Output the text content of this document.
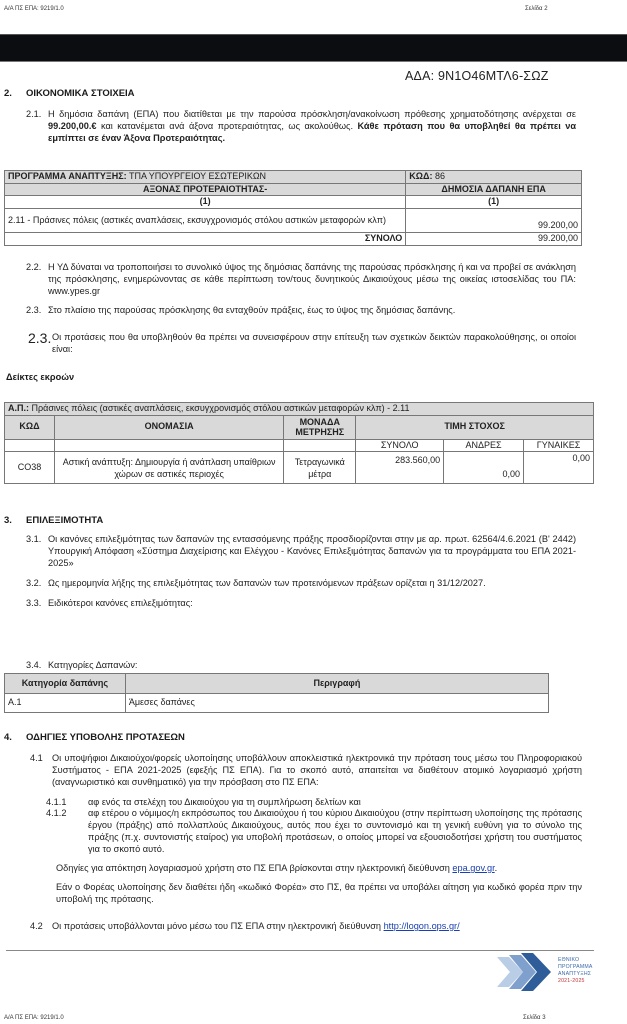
Α/Α ΠΣ ΕΠΑ: 9219/1.0	Σελίδα 2
ΑΔΑ: 9Ν1Ο46ΜΤΛ6-ΣΩΖ
2. ΟΙΚΟΝΟΜΙΚΑ ΣΤΟΙΧΕΙΑ
2.1. Η δημόσια δαπάνη (ΕΠΑ) που διατίθεται με την παρούσα πρόσκληση/ανακοίνωση πρόθεσης χρηματοδότησης ανέρχεται σε 99.200,00.€ και κατανέμεται ανά άξονα προτεραιότητας, ως ακολούθως. Κάθε πρόταση που θα υποβληθεί θα πρέπει να εμπίπτει σε έναν Άξονα Προτεραιότητας.
ΠΡΟΓΡΑΜΜΑ ΑΝΑΠΤΥΞΗΣ: ΤΠΑ ΥΠΟΥΡΓΕΙΟΥ ΕΣΩΤΕΡΙΚΩΝ	ΚΩΔ: 86
ΑΞΟΝΑΣ ΠΡΟΤΕΡΑΙΟΤΗΤΑΣ-	ΔΗΜΟΣΙΑ ΔΑΠΑΝΗ ΕΠΑ
(1)	(1)
2.11 - Πράσινες πόλεις (αστικές αναπλάσεις, εκσυγχρονισμός στόλου αστικών μεταφορών κλπ)	99.200,00
ΣΥΝΟΛΟ	99.200,00
2.2. Η ΥΔ δύναται να τροποποιήσει το συνολικό ύψος της δημόσιας δαπάνης της παρούσας πρόσκλησης ή και να προβεί σε ανάκληση της πρόσκλησης, ενημερώνοντας σε κάθε περίπτωση τον/τους δυνητικούς Δικαιούχους μέσω της οικείας ιστοσελίδας του ΠΑ: www.ypes.gr
2.3. Στο πλαίσιο της παρούσας πρόσκλησης θα ενταχθούν πράξεις, έως το ύψος της δημόσιας δαπάνης.
2.3. Οι προτάσεις που θα υποβληθούν θα πρέπει να συνεισφέρουν στην επίτευξη των σχετικών δεικτών παρακολούθησης, οι οποίοι είναι:
Δείκτες εκροών
Α.Π.: Πράσινες πόλεις (αστικές αναπλάσεις, εκσυγχρονισμός στόλου αστικών μεταφορών κλπ) - 2.11					
ΚΩΔ	ΟΝΟΜΑΣΙΑ	ΜΟΝΑΔΑ ΜΕΤΡΗΣΗΣ	ΤΙΜΗ ΣΤΟΧΟΣ		
			ΣΥΝΟΛΟ	ΑΝΔΡΕΣ	ΓΥΝΑΙΚΕΣ
CO38	Αστική ανάπτυξη: Δημιουργία ή ανάπλαση υπαίθριων χώρων σε αστικές περιοχές	Τετραγωνικά μέτρα	283.560,00	0,00	0,00
3. ΕΠΙΛΕΞΙΜΟΤΗΤΑ
3.1. Οι κανόνες επιλεξιμότητας των δαπανών της εντασσόμενης πράξης προσδιορίζονται στην με αρ. πρωτ. 62564/4.6.2021 (Β' 2442) Υπουργική Απόφαση «Σύστημα Διαχείρισης και Ελέγχου - Κανόνες Επιλεξιμότητας δαπανών για τα προγράμματα του ΕΠΑ 2021-2025»
3.2. Ως ημερομηνία λήξης της επιλεξιμότητας των δαπανών των προτεινόμενων πράξεων ορίζεται η 31/12/2027.
3.3. Ειδικότεροι κανόνες επιλεξιμότητας:
3.4. Κατηγορίες Δαπανών:
Κατηγορία δαπάνης	Περιγραφή
Α.1	Άμεσες δαπάνες
4. ΟΔΗΓΙΕΣ ΥΠΟΒΟΛΗΣ ΠΡΟΤΑΣΕΩΝ
4.1 Οι υποψήφιοι Δικαιούχοι/φορείς υλοποίησης υποβάλλουν αποκλειστικά ηλεκτρονικά την πρόταση τους μέσω του Πληροφοριακού Συστήματος - ΕΠΑ 2021-2025 (εφεξής ΠΣ ΕΠΑ). Για το σκοπό αυτό, απαιτείται να διαθέτουν ατομικό λογαριασμό χρήστη (αναγνωριστικό και συνθηματικό) για την πρόσβαση στο ΠΣ ΕΠΑ:
4.1.1 αφ ενός τα στελέχη του Δικαιούχου για τη συμπλήρωση δελτίων και
4.1.2 αφ ετέρου ο νόμιμος/η εκπρόσωπος του Δικαιούχου ή του κύριου Δικαιούχου (στην περίπτωση υλοποίησης της πρότασης έργου (πράξης) από πολλαπλούς Δικαιούχους, αυτός που έχει το συντονισμό και τη γενική ευθύνη για το σύνολο της πράξης (π.χ. συντονιστής εταίρος) για υποβολή προτάσεων, ο οποίος μπορεί να εξουσιοδοτήσει χρήστη του συστήματος για το σκοπό αυτό.
Οδηγίες για απόκτηση λογαριασμού χρήστη στο ΠΣ ΕΠΑ βρίσκονται στην ηλεκτρονική διεύθυνση epa.gov.gr.
Εάν ο Φορέας υλοποίησης δεν διαθέτει ήδη «κωδικό Φορέα» στο ΠΣ, θα πρέπει να υποβάλει αίτηση για κωδικό φορέα πριν την υποβολή της πρότασης.
4.2 Οι προτάσεις υποβάλλονται μόνο μέσω του ΠΣ ΕΠΑ στην ηλεκτρονική διεύθυνση http://logon.ops.gr/
ΕΘΝΙΚΟ
ΠΡΟΓΡΑΜΜΑ
ΑΝΑΠΤΥΞΗΣ
2021-2025
Α/Α ΠΣ ΕΠΑ: 9219/1.0	Σελίδα 3
